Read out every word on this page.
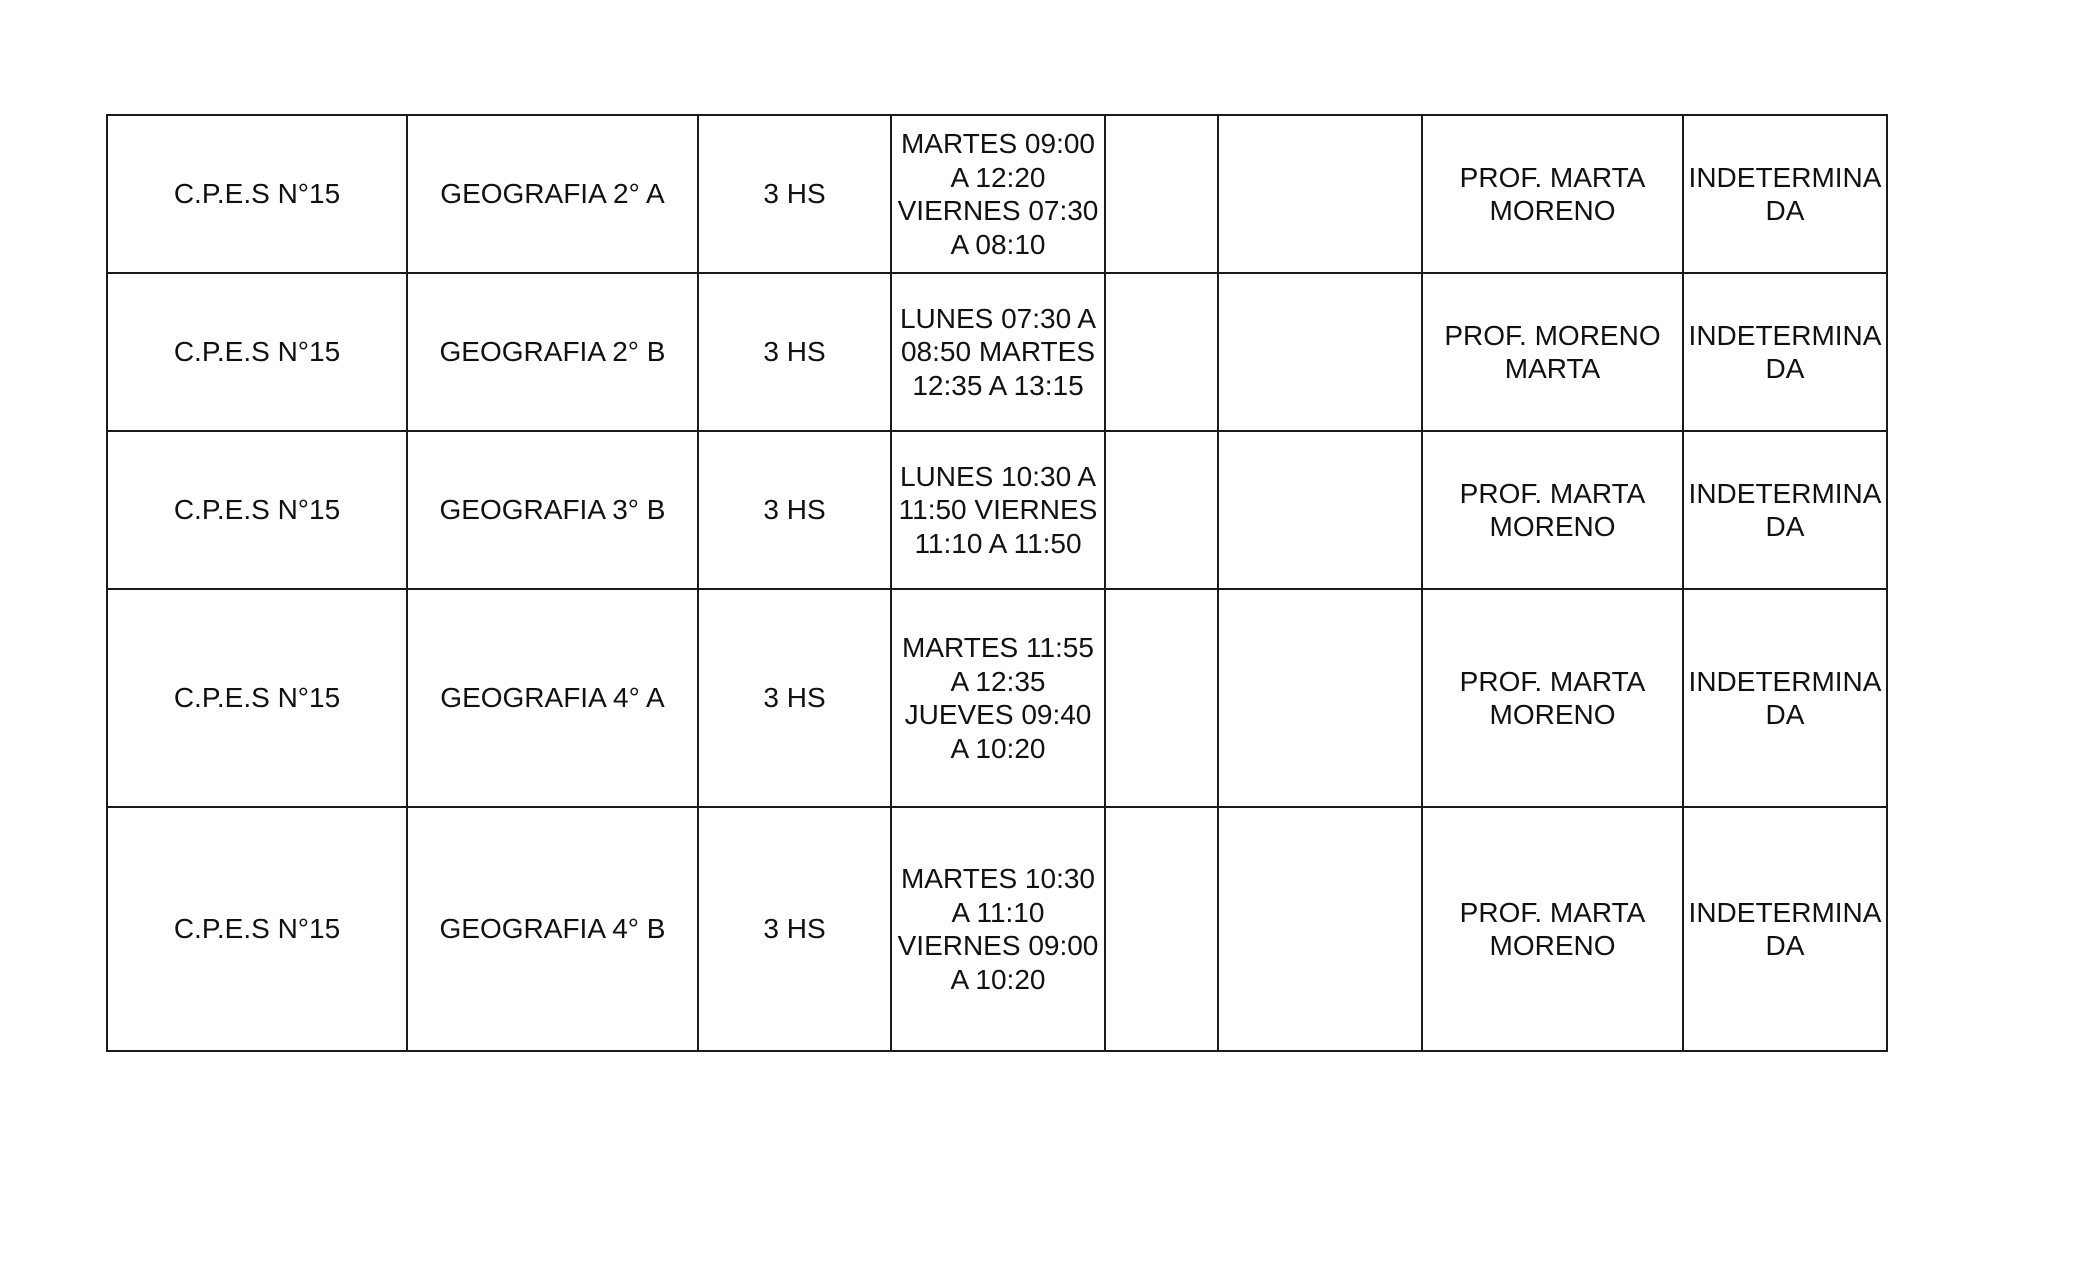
C.P.E.S N°15	GEOGRAFIA 2° A	3 HS	MARTES 09:00 A 12:20 VIERNES 07:30 A 08:10			PROF. MARTA MORENO	INDETERMINADA
C.P.E.S N°15	GEOGRAFIA 2° B	3 HS	LUNES 07:30 A 08:50 MARTES 12:35 A 13:15			PROF. MORENO MARTA	INDETERMINADA
C.P.E.S N°15	GEOGRAFIA 3° B	3 HS	LUNES 10:30 A 11:50 VIERNES 11:10 A 11:50			PROF. MARTA MORENO	INDETERMINADA
C.P.E.S N°15	GEOGRAFIA 4° A	3 HS	MARTES 11:55 A 12:35 JUEVES 09:40 A 10:20			PROF. MARTA MORENO	INDETERMINADA
C.P.E.S N°15	GEOGRAFIA 4° B	3 HS	MARTES 10:30 A 11:10 VIERNES 09:00 A 10:20			PROF. MARTA MORENO	INDETERMINADA
